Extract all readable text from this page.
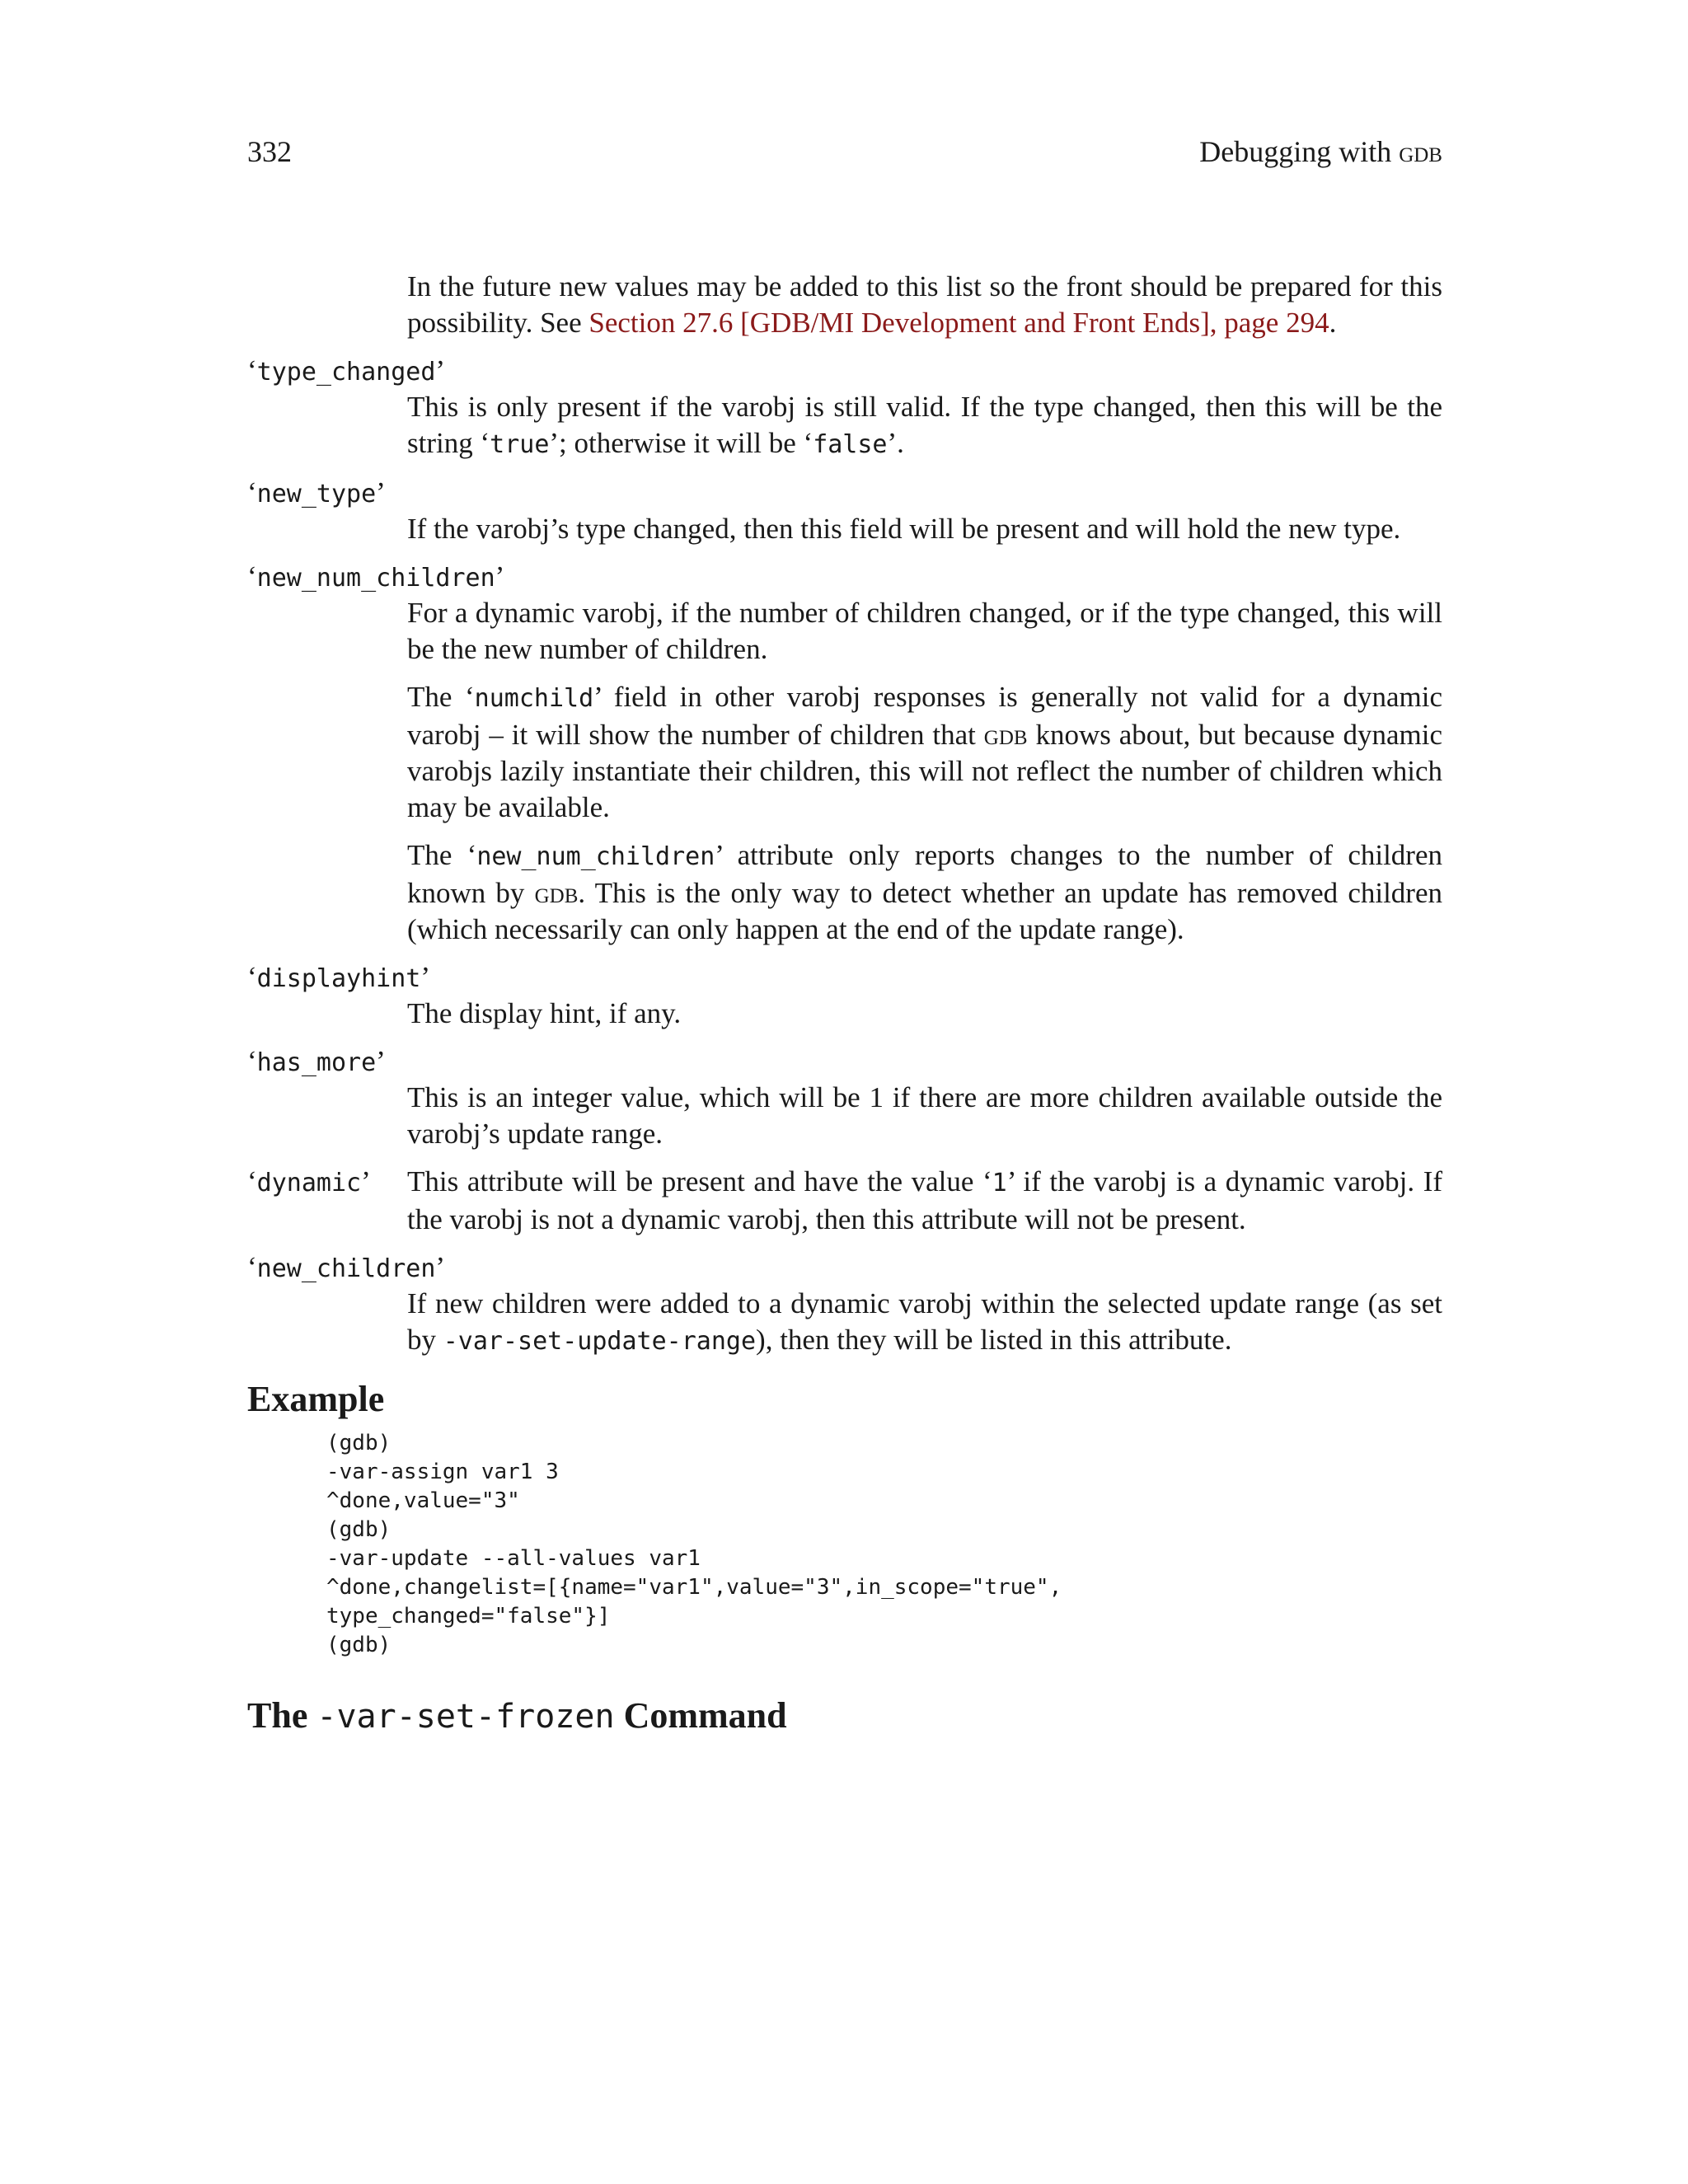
332	Debugging with gdb

In the future new values may be added to this list so the front should be prepared for this possibility. See Section 27.6 [GDB/MI Development and Front Ends], page 294.

‘type_changed’

This is only present if the varobj is still valid. If the type changed, then this will be the string ‘true’; otherwise it will be ‘false’.

‘new_type’

If the varobj’s type changed, then this field will be present and will hold the new type.

‘new_num_children’

For a dynamic varobj, if the number of children changed, or if the type changed, this will be the new number of children.

The ‘numchild’ field in other varobj responses is generally not valid for a dynamic varobj – it will show the number of children that gdb knows about, but because dynamic varobjs lazily instantiate their children, this will not reflect the number of children which may be available.

The ‘new_num_children’ attribute only reports changes to the number of children known by gdb. This is the only way to detect whether an update has removed children (which necessarily can only happen at the end of the update range).

‘displayhint’

The display hint, if any.

‘has_more’

This is an integer value, which will be 1 if there are more children available outside the varobj’s update range.

‘dynamic’ This attribute will be present and have the value ‘1’ if the varobj is a dynamic varobj. If the varobj is not a dynamic varobj, then this attribute will not be present.

‘new_children’

If new children were added to a dynamic varobj within the selected update range (as set by -var-set-update-range), then they will be listed in this attribute.

Example
(gdb)
-var-assign var1 3
^done,value="3"
(gdb)
-var-update --all-values var1
^done,changelist=[{name="var1",value="3",in_scope="true",
type_changed="false"}]
(gdb)
The -var-set-frozen Command
